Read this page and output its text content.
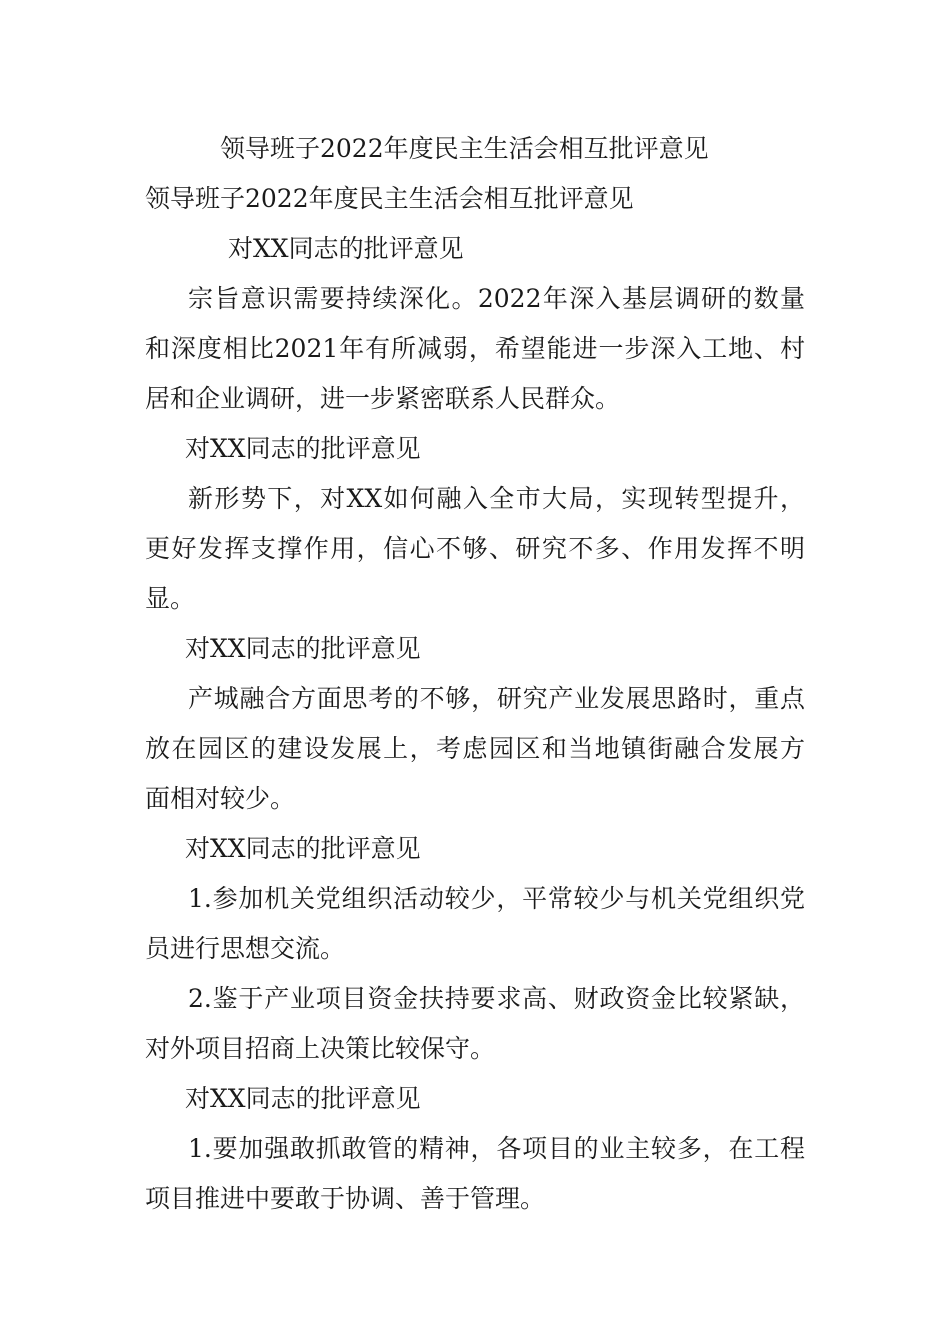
领导班子2022年度民主生活会相互批评意见
领导班子2022年度民主生活会相互批评意见
对XX同志的批评意见
宗旨意识需要持续深化。2022年深入基层调研的数量
和深度相比2021年有所减弱，希望能进一步深入工地、村
居和企业调研，进一步紧密联系人民群众。
对XX同志的批评意见
新形势下，对XX如何融入全市大局，实现转型提升，
更好发挥支撑作用，信心不够、研究不多、作用发挥不明
显。
对XX同志的批评意见
产城融合方面思考的不够，研究产业发展思路时，重点
放在园区的建设发展上，考虑园区和当地镇街融合发展方
面相对较少。
对XX同志的批评意见
1.参加机关党组织活动较少，平常较少与机关党组织党
员进行思想交流。
2.鉴于产业项目资金扶持要求高、财政资金比较紧缺，
对外项目招商上决策比较保守。
对XX同志的批评意见
1.要加强敢抓敢管的精神，各项目的业主较多，在工程
项目推进中要敢于协调、善于管理。
